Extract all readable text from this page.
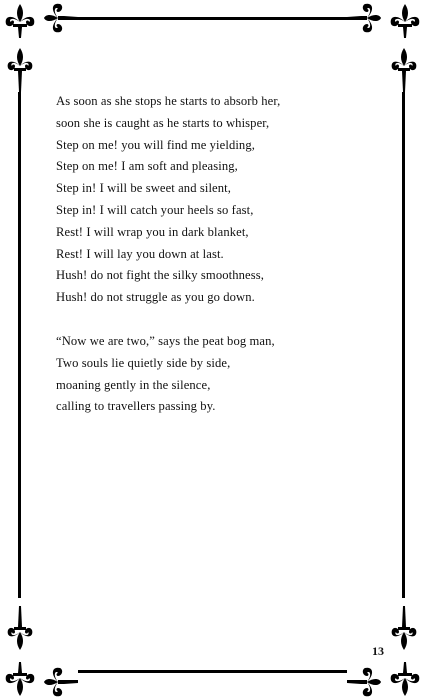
As soon as she stops he starts to absorb her,
soon she is caught as he starts to whisper,
Step on me! you will find me yielding,
Step on me! I am soft and pleasing,
Step in! I will be sweet and silent,
Step in! I will catch your heels so fast,
Rest! I will wrap you in dark blanket,
Rest! I will lay you down at last.
Hush! do not fight the silky smoothness,
Hush! do not struggle as you go down.
“Now we are two,” says the peat bog man,
Two souls lie quietly side by side,
moaning gently in the silence,
calling to travellers passing by.
13
